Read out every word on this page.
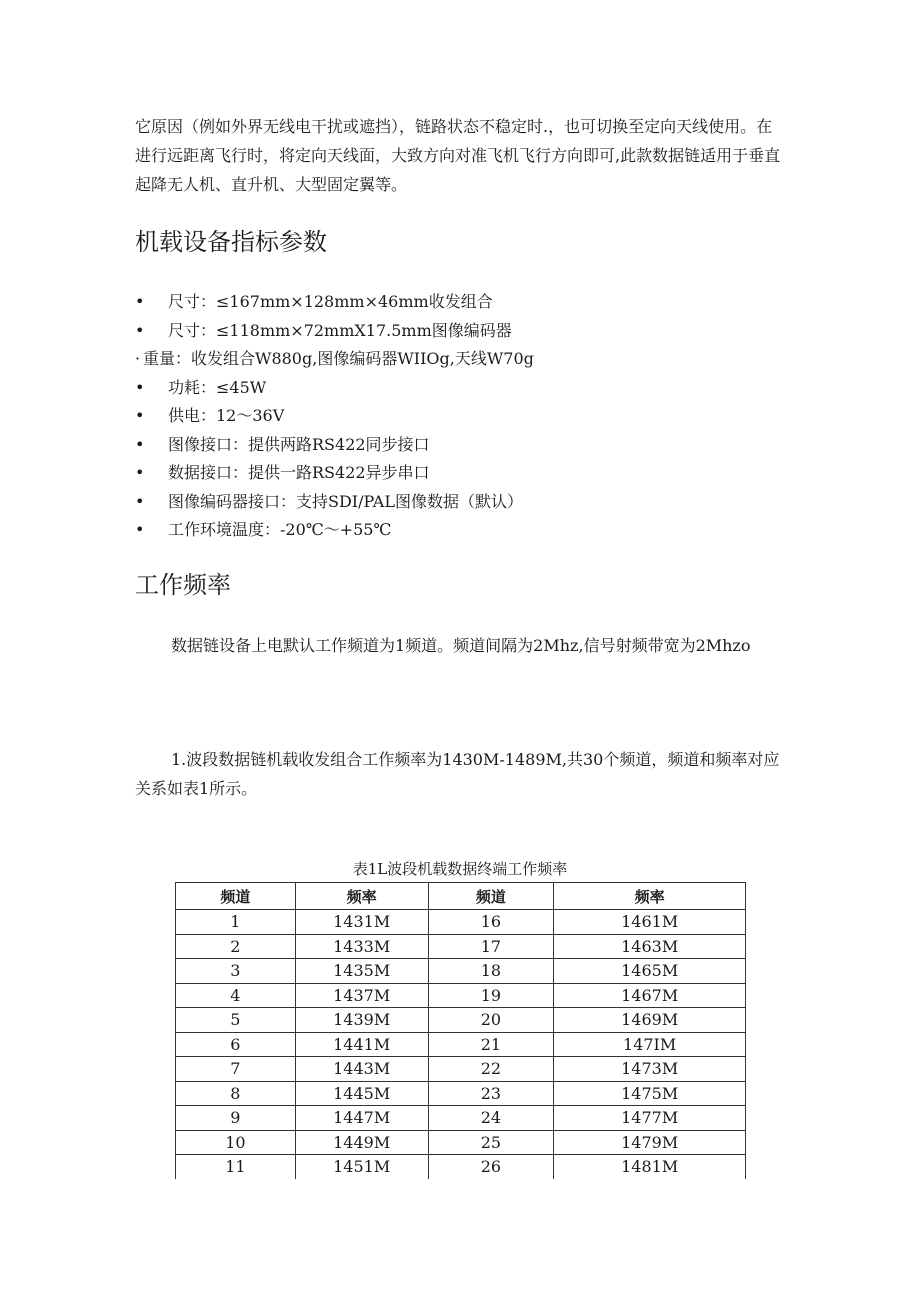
它原因（例如外界无线电干扰或遮挡），链路状态不稳定时.，也可切换至定向天线使用。在进行远距离飞行时，将定向天线面，大致方向对准飞机飞行方向即可,此款数据链适用于垂直起降无人机、直升机、大型固定翼等。

机载设备指标参数
• 尺寸：≤167mm×128mm×46mm收发组合
• 尺寸：≤118mm×72mmX17.5mm图像编码器
· 重量：收发组合W880g,图像编码器WIIOg,天线W70g
• 功耗：≤45W
• 供电：12～36V
• 图像接口：提供两路RS422同步接口
• 数据接口：提供一路RS422异步串口
• 图像编码器接口：支持SDI/PAL图像数据（默认）
• 工作环境温度：-20℃～+55℃
工作频率

数据链设备上电默认工作频道为1频道。频道间隔为2Mhz,信号射频带宽为2Mhzo

1.波段数据链机载收发组合工作频率为1430M-1489M,共30个频道，频道和频率对应关系如表1所示。

表1L波段机载数据终端工作频率

频道	频率	频道	频率
1	1431M	16	1461M
2	1433M	17	1463M
3	1435M	18	1465M
4	1437M	19	1467M
5	1439M	20	1469M
6	1441M	21	147IM
7	1443M	22	1473M
8	1445M	23	1475M
9	1447M	24	1477M
10	1449M	25	1479M
11	1451M	26	1481M
